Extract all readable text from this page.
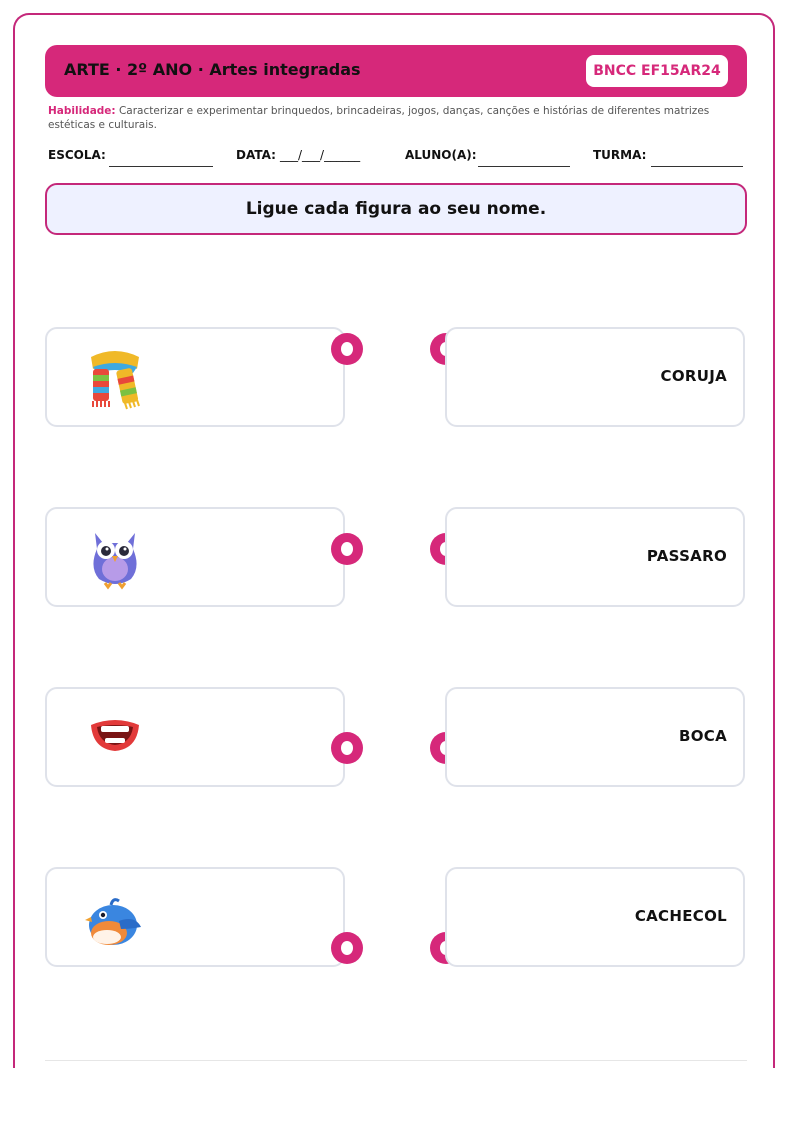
ARTE · 2º ANO · Artes integradas	BNCC EF15AR24
Habilidade: Caracterizar e experimentar brinquedos, brincadeiras, jogos, danças, canções e histórias de diferentes matrizes estéticas e culturais.
ESCOLA:	DATA: ___/___/______	ALUNO(A):	TURMA:
Ligue cada figura ao seu nome.
CORUJA
PASSARO
BOCA
CACHECOL
